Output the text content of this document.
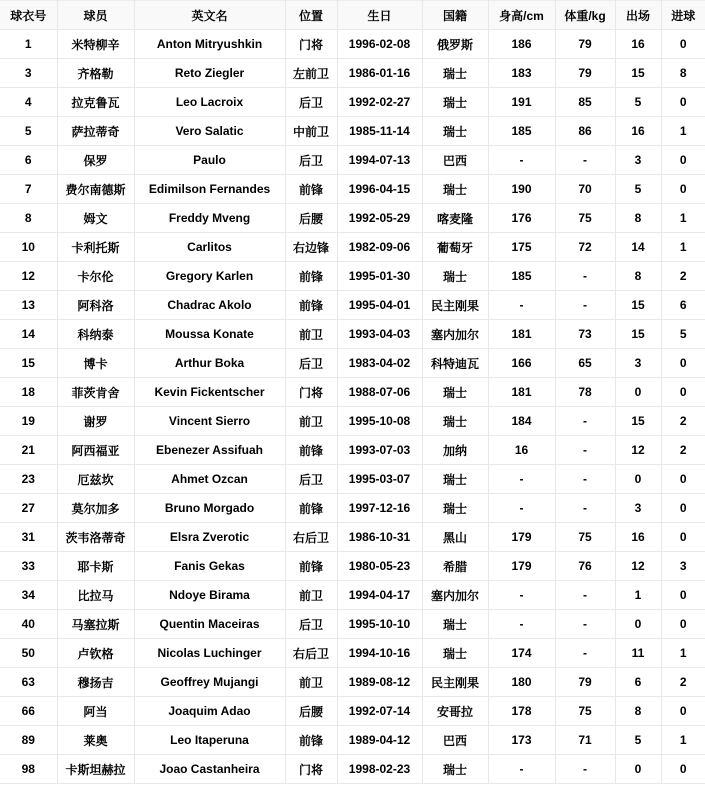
球衣号	球员	英文名	位置	生日	国籍	身高/cm	体重/kg	出场	进球
1	米特柳辛	Anton Mitryushkin	门将	1996-02-08	俄罗斯	186	79	16	0
3	齐格勒	Reto Ziegler	左前卫	1986-01-16	瑞士	183	79	15	8
4	拉克鲁瓦	Leo Lacroix	后卫	1992-02-27	瑞士	191	85	5	0
5	萨拉蒂奇	Vero Salatic	中前卫	1985-11-14	瑞士	185	86	16	1
6	保罗	Paulo	后卫	1994-07-13	巴西	-	-	3	0
7	费尔南德斯	Edimilson Fernandes	前锋	1996-04-15	瑞士	190	70	5	0
8	姆文	Freddy Mveng	后腰	1992-05-29	喀麦隆	176	75	8	1
10	卡利托斯	Carlitos	右边锋	1982-09-06	葡萄牙	175	72	14	1
12	卡尔伦	Gregory Karlen	前锋	1995-01-30	瑞士	185	-	8	2
13	阿科洛	Chadrac Akolo	前锋	1995-04-01	民主刚果	-	-	15	6
14	科纳泰	Moussa Konate	前卫	1993-04-03	塞内加尔	181	73	15	5
15	博卡	Arthur Boka	后卫	1983-04-02	科特迪瓦	166	65	3	0
18	菲茨肯舍	Kevin Fickentscher	门将	1988-07-06	瑞士	181	78	0	0
19	谢罗	Vincent Sierro	前卫	1995-10-08	瑞士	184	-	15	2
21	阿西福亚	Ebenezer Assifuah	前锋	1993-07-03	加纳	16	-	12	2
23	厄兹坎	Ahmet Ozcan	后卫	1995-03-07	瑞士	-	-	0	0
27	莫尔加多	Bruno Morgado	前锋	1997-12-16	瑞士	-	-	3	0
31	茨韦洛蒂奇	Elsra Zverotic	右后卫	1986-10-31	黑山	179	75	16	0
33	耶卡斯	Fanis Gekas	前锋	1980-05-23	希腊	179	76	12	3
34	比拉马	Ndoye Birama	前卫	1994-04-17	塞内加尔	-	-	1	0
40	马塞拉斯	Quentin Maceiras	后卫	1995-10-10	瑞士	-	-	0	0
50	卢钦格	Nicolas Luchinger	右后卫	1994-10-16	瑞士	174	-	11	1
63	穆扬吉	Geoffrey Mujangi	前卫	1989-08-12	民主刚果	180	79	6	2
66	阿当	Joaquim Adao	后腰	1992-07-14	安哥拉	178	75	8	0
89	莱奥	Leo Itaperuna	前锋	1989-04-12	巴西	173	71	5	1
98	卡斯坦赫拉	Joao Castanheira	门将	1998-02-23	瑞士	-	-	0	0
